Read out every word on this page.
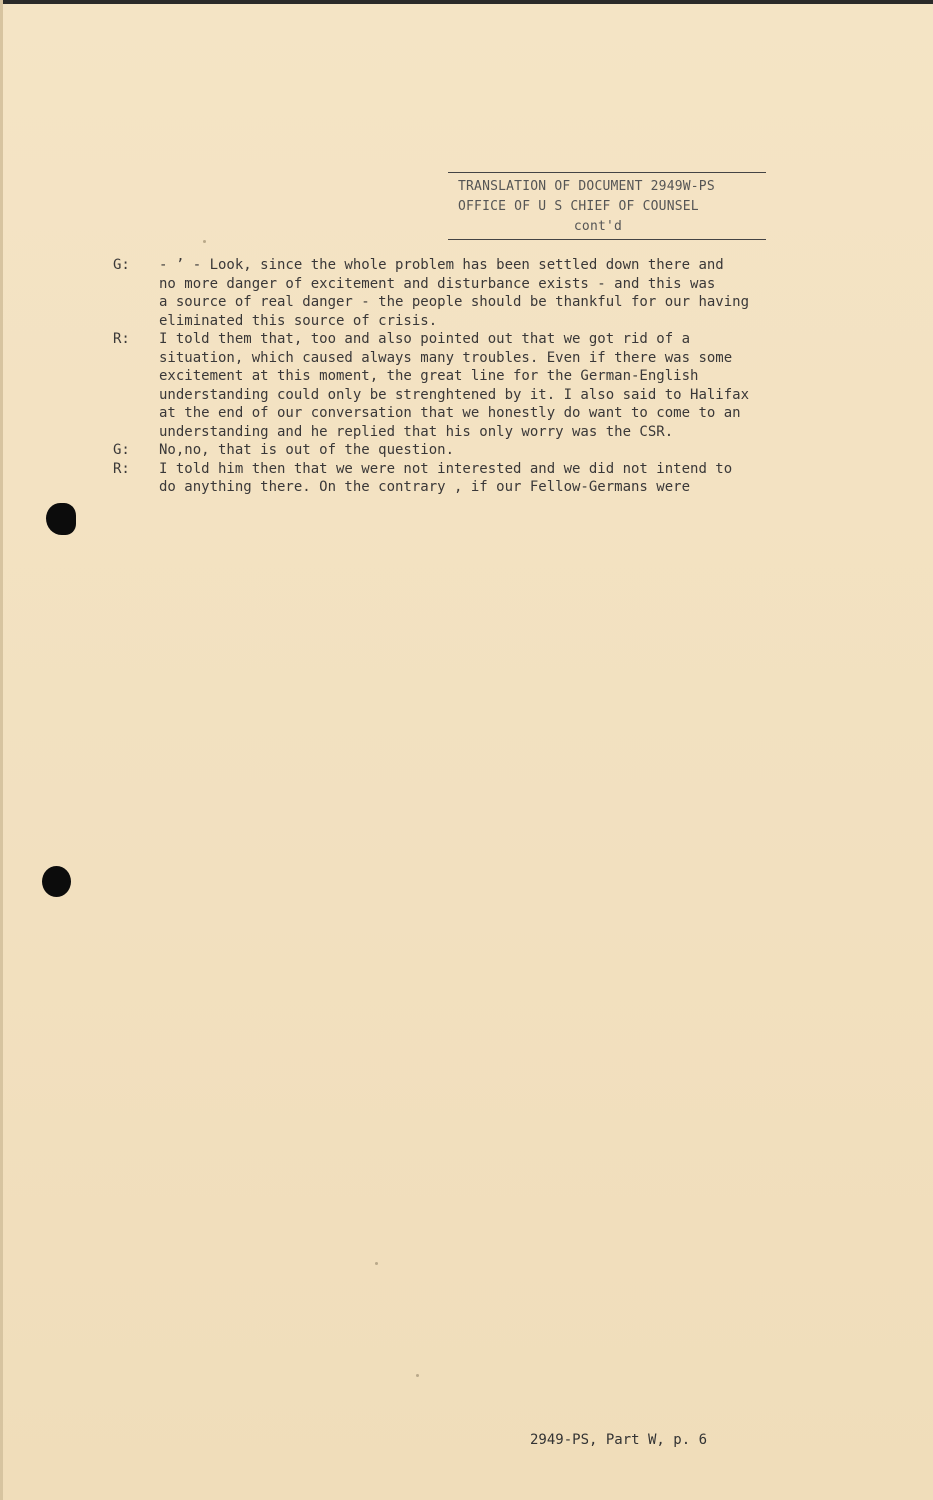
TRANSLATION OF DOCUMENT 2949W-PS
OFFICE OF U S CHIEF OF COUNSEL
cont'd
G: - ’ - Look, since the whole problem has been settled down there and
no more danger of excitement and disturbance exists - and this was
a source of real danger - the people should be thankful for our having
eliminated this source of crisis.
R: I told them that, too and also pointed out that we got rid of a
situation, which caused always many troubles. Even if there was some
excitement at this moment, the great line for the German-English
understanding could only be strenghtened by it. I also said to Halifax
at the end of our conversation that we honestly do want to come to an
understanding and he replied that his only worry was the CSR.
G: No,no, that is out of the question.
R: I told him then that we were not interested and we did not intend to
do anything there. On the contrary , if our Fellow-Germans were
2949-PS, Part W, p. 6
